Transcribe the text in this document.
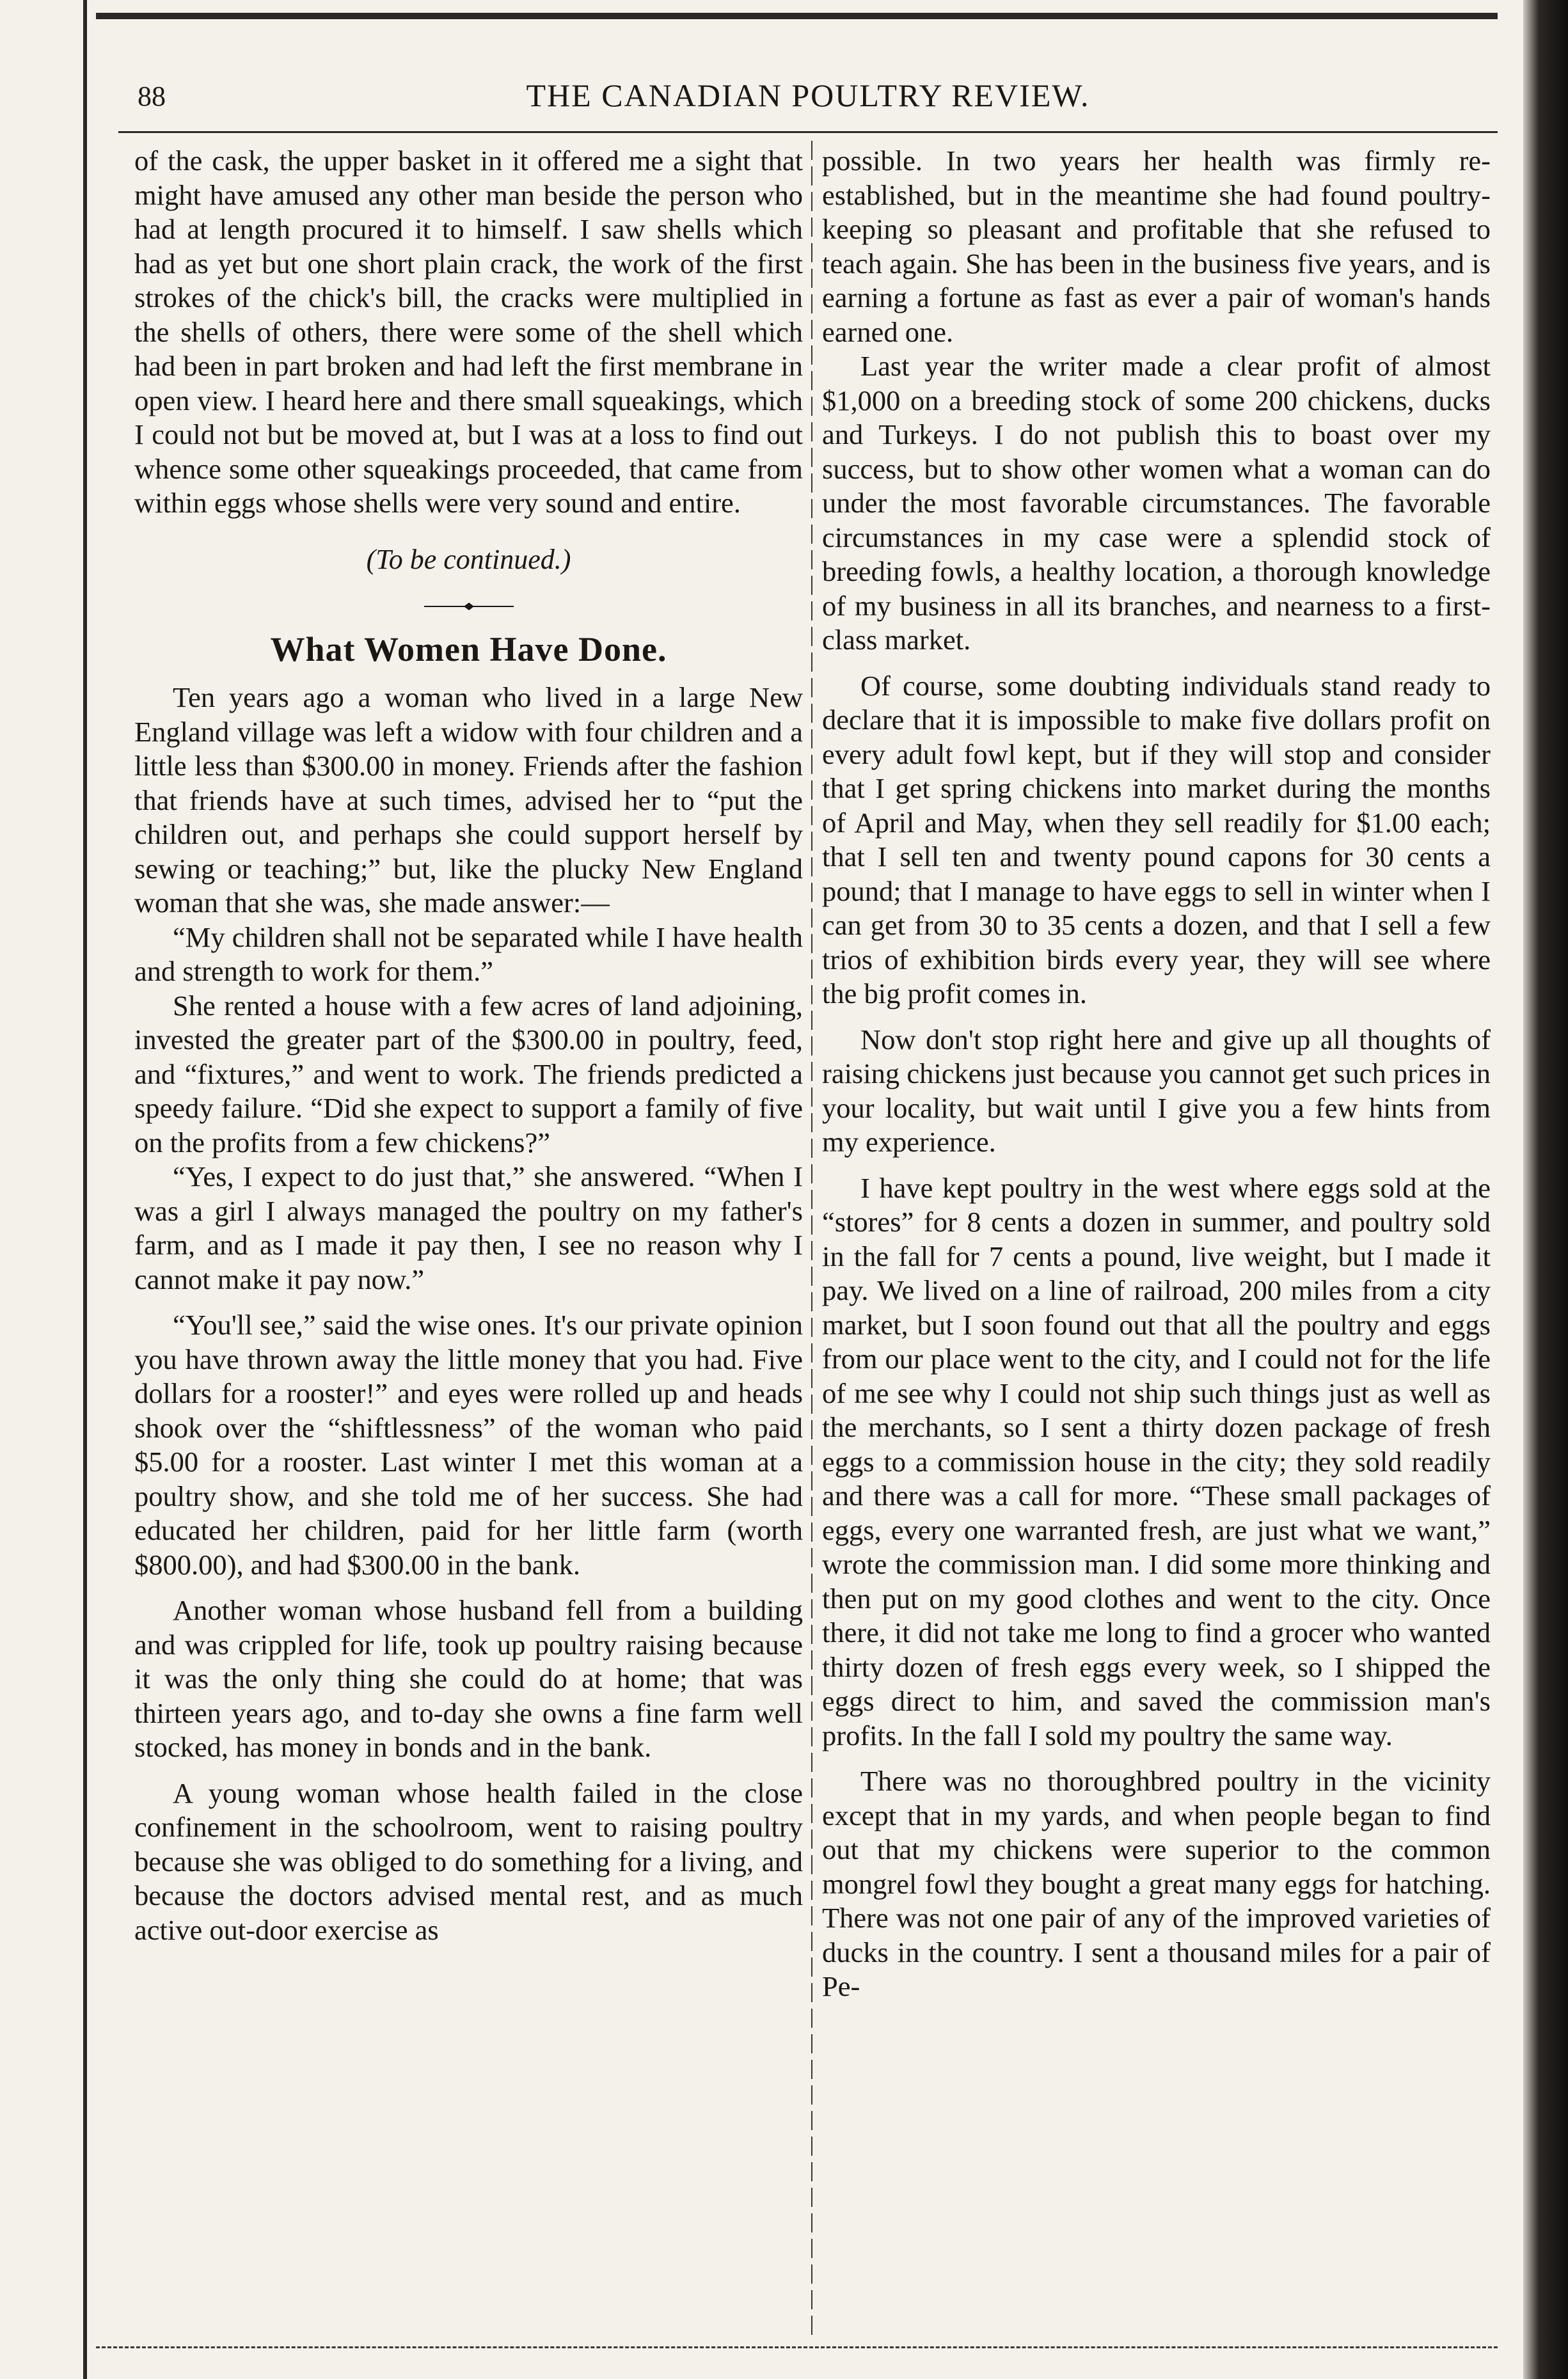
88	THE CANADIAN POULTRY REVIEW.

of the cask, the upper basket in it offered me a sight that might have amused any other man beside the person who had at length procured it to himself. I saw shells which had as yet but one short plain crack, the work of the first strokes of the chick's bill, the cracks were multiplied in the shells of others, there were some of the shell which had been in part broken and had left the first membrane in open view. I heard here and there small squeakings, which I could not but be moved at, but I was at a loss to find out whence some other squeakings proceeded, that came from within eggs whose shells were very sound and entire.

(To be continued.)
What Women Have Done.

Ten years ago a woman who lived in a large New England village was left a widow with four children and a little less than $300.00 in money. Friends after the fashion that friends have at such times, advised her to “put the children out, and perhaps she could support herself by sewing or teaching;” but, like the plucky New England woman that she was, she made answer:—

“My children shall not be separated while I have health and strength to work for them.”

She rented a house with a few acres of land adjoining, invested the greater part of the $300.00 in poultry, feed, and “fixtures,” and went to work. The friends predicted a speedy failure. “Did she expect to support a family of five on the profits from a few chickens?”

“Yes, I expect to do just that,” she answered. “When I was a girl I always managed the poultry on my father's farm, and as I made it pay then, I see no reason why I cannot make it pay now.”

“You'll see,” said the wise ones. It's our private opinion you have thrown away the little money that you had. Five dollars for a rooster!” and eyes were rolled up and heads shook over the “shiftlessness” of the woman who paid $5.00 for a rooster. Last winter I met this woman at a poultry show, and she told me of her success. She had educated her children, paid for her little farm (worth $800.00), and had $300.00 in the bank.

Another woman whose husband fell from a building and was crippled for life, took up poultry raising because it was the only thing she could do at home; that was thirteen years ago, and to-day she owns a fine farm well stocked, has money in bonds and in the bank.

A young woman whose health failed in the close confinement in the schoolroom, went to raising poultry because she was obliged to do something for a living, and because the doctors advised mental rest, and as much active out-door exercise as

possible. In two years her health was firmly re-established, but in the meantime she had found poultry-keeping so pleasant and profitable that she refused to teach again. She has been in the business five years, and is earning a fortune as fast as ever a pair of woman's hands earned one.

Last year the writer made a clear profit of almost $1,000 on a breeding stock of some 200 chickens, ducks and Turkeys. I do not publish this to boast over my success, but to show other women what a woman can do under the most favorable circumstances. The favorable circumstances in my case were a splendid stock of breeding fowls, a healthy location, a thorough knowledge of my business in all its branches, and nearness to a first-class market.

Of course, some doubting individuals stand ready to declare that it is impossible to make five dollars profit on every adult fowl kept, but if they will stop and consider that I get spring chickens into market during the months of April and May, when they sell readily for $1.00 each; that I sell ten and twenty pound capons for 30 cents a pound; that I manage to have eggs to sell in winter when I can get from 30 to 35 cents a dozen, and that I sell a few trios of exhibition birds every year, they will see where the big profit comes in.

Now don't stop right here and give up all thoughts of raising chickens just because you cannot get such prices in your locality, but wait until I give you a few hints from my experience.

I have kept poultry in the west where eggs sold at the “stores” for 8 cents a dozen in summer, and poultry sold in the fall for 7 cents a pound, live weight, but I made it pay. We lived on a line of railroad, 200 miles from a city market, but I soon found out that all the poultry and eggs from our place went to the city, and I could not for the life of me see why I could not ship such things just as well as the merchants, so I sent a thirty dozen package of fresh eggs to a commission house in the city; they sold readily and there was a call for more. “These small packages of eggs, every one warranted fresh, are just what we want,” wrote the commission man. I did some more thinking and then put on my good clothes and went to the city. Once there, it did not take me long to find a grocer who wanted thirty dozen of fresh eggs every week, so I shipped the eggs direct to him, and saved the commission man's profits. In the fall I sold my poultry the same way.

There was no thoroughbred poultry in the vicinity except that in my yards, and when people began to find out that my chickens were superior to the common mongrel fowl they bought a great many eggs for hatching. There was not one pair of any of the improved varieties of ducks in the country. I sent a thousand miles for a pair of Pe-
